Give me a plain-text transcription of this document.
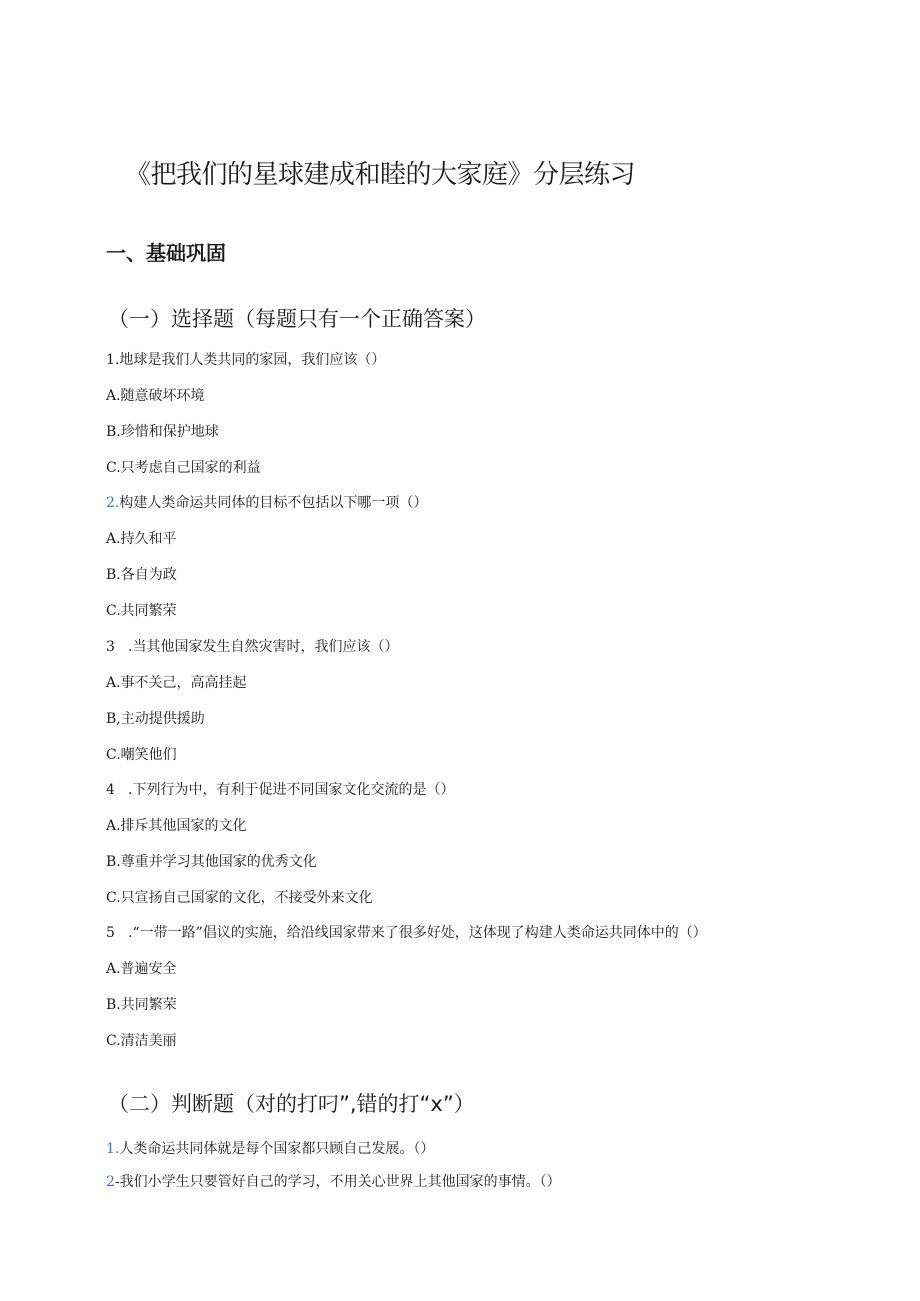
《把我们的星球建成和睦的大家庭》分层练习
一、基础巩固
（一）选择题（每题只有一个正确答案）
1.地球是我们人类共同的家园，我们应该（）
A.随意破坏环境
B.珍惜和保护地球
C.只考虑自己国家的利益
2.构建人类命运共同体的目标不包括以下哪一项（）
A.持久和平
B.各自为政
C.共同繁荣
3 .当其他国家发生自然灾害时，我们应该（）
A.事不关己，高高挂起
B,主动提供援助
C.嘲笑他们
4 .下列行为中，有利于促进不同国家文化交流的是（）
A.排斥其他国家的文化
B.尊重并学习其他国家的优秀文化
C.只宣扬自己国家的文化，不接受外来文化
5 .“一带一路”倡议的实施，给沿线国家带来了很多好处，这体现了构建人类命运共同体中的（）
A.普遍安全
B.共同繁荣
C.清洁美丽
（二）判断题（对的打叼”,错的打“x”）
1.人类命运共同体就是每个国家都只顾自己发展。（）
2-我们小学生只要管好自己的学习，不用关心世界上其他国家的事情。（）
